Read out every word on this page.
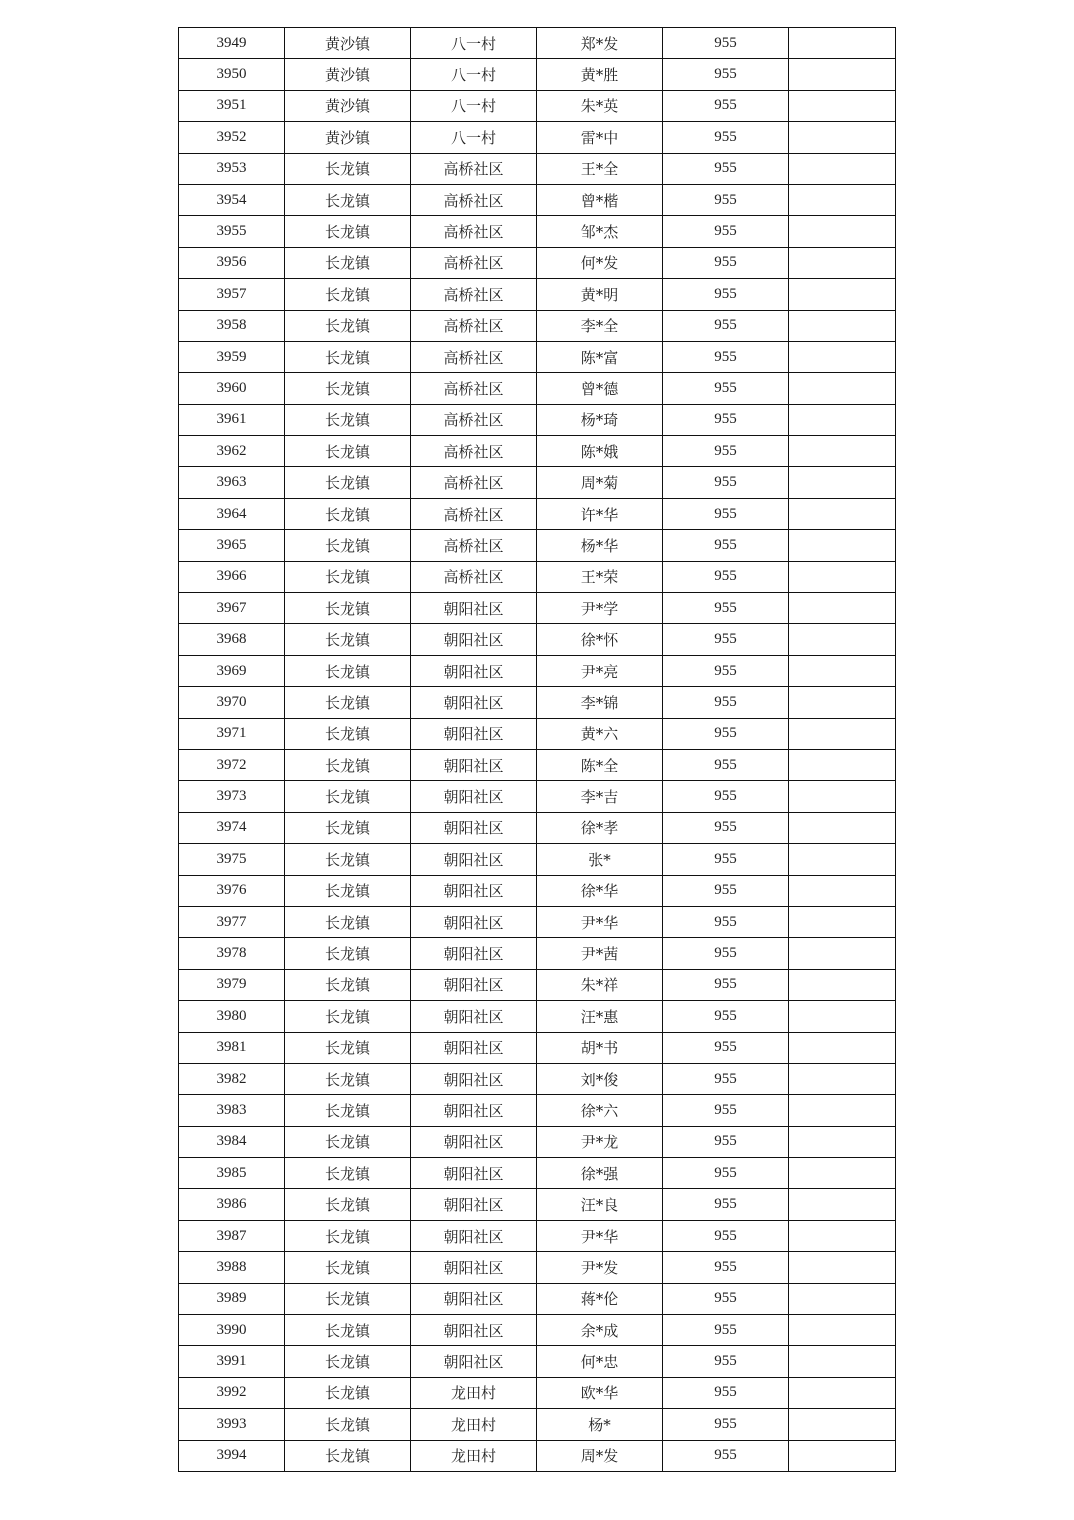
3949	黄沙镇	八一村	郑*发	955	
3950	黄沙镇	八一村	黄*胜	955	
3951	黄沙镇	八一村	朱*英	955	
3952	黄沙镇	八一村	雷*中	955	
3953	长龙镇	高桥社区	王*全	955	
3954	长龙镇	高桥社区	曾*楷	955	
3955	长龙镇	高桥社区	邹*杰	955	
3956	长龙镇	高桥社区	何*发	955	
3957	长龙镇	高桥社区	黄*明	955	
3958	长龙镇	高桥社区	李*全	955	
3959	长龙镇	高桥社区	陈*富	955	
3960	长龙镇	高桥社区	曾*德	955	
3961	长龙镇	高桥社区	杨*琦	955	
3962	长龙镇	高桥社区	陈*娥	955	
3963	长龙镇	高桥社区	周*菊	955	
3964	长龙镇	高桥社区	许*华	955	
3965	长龙镇	高桥社区	杨*华	955	
3966	长龙镇	高桥社区	王*荣	955	
3967	长龙镇	朝阳社区	尹*学	955	
3968	长龙镇	朝阳社区	徐*怀	955	
3969	长龙镇	朝阳社区	尹*亮	955	
3970	长龙镇	朝阳社区	李*锦	955	
3971	长龙镇	朝阳社区	黄*六	955	
3972	长龙镇	朝阳社区	陈*全	955	
3973	长龙镇	朝阳社区	李*吉	955	
3974	长龙镇	朝阳社区	徐*孝	955	
3975	长龙镇	朝阳社区	张*	955	
3976	长龙镇	朝阳社区	徐*华	955	
3977	长龙镇	朝阳社区	尹*华	955	
3978	长龙镇	朝阳社区	尹*茜	955	
3979	长龙镇	朝阳社区	朱*祥	955	
3980	长龙镇	朝阳社区	汪*惠	955	
3981	长龙镇	朝阳社区	胡*书	955	
3982	长龙镇	朝阳社区	刘*俊	955	
3983	长龙镇	朝阳社区	徐*六	955	
3984	长龙镇	朝阳社区	尹*龙	955	
3985	长龙镇	朝阳社区	徐*强	955	
3986	长龙镇	朝阳社区	汪*良	955	
3987	长龙镇	朝阳社区	尹*华	955	
3988	长龙镇	朝阳社区	尹*发	955	
3989	长龙镇	朝阳社区	蒋*伦	955	
3990	长龙镇	朝阳社区	余*成	955	
3991	长龙镇	朝阳社区	何*忠	955	
3992	长龙镇	龙田村	欧*华	955	
3993	长龙镇	龙田村	杨*	955	
3994	长龙镇	龙田村	周*发	955	
